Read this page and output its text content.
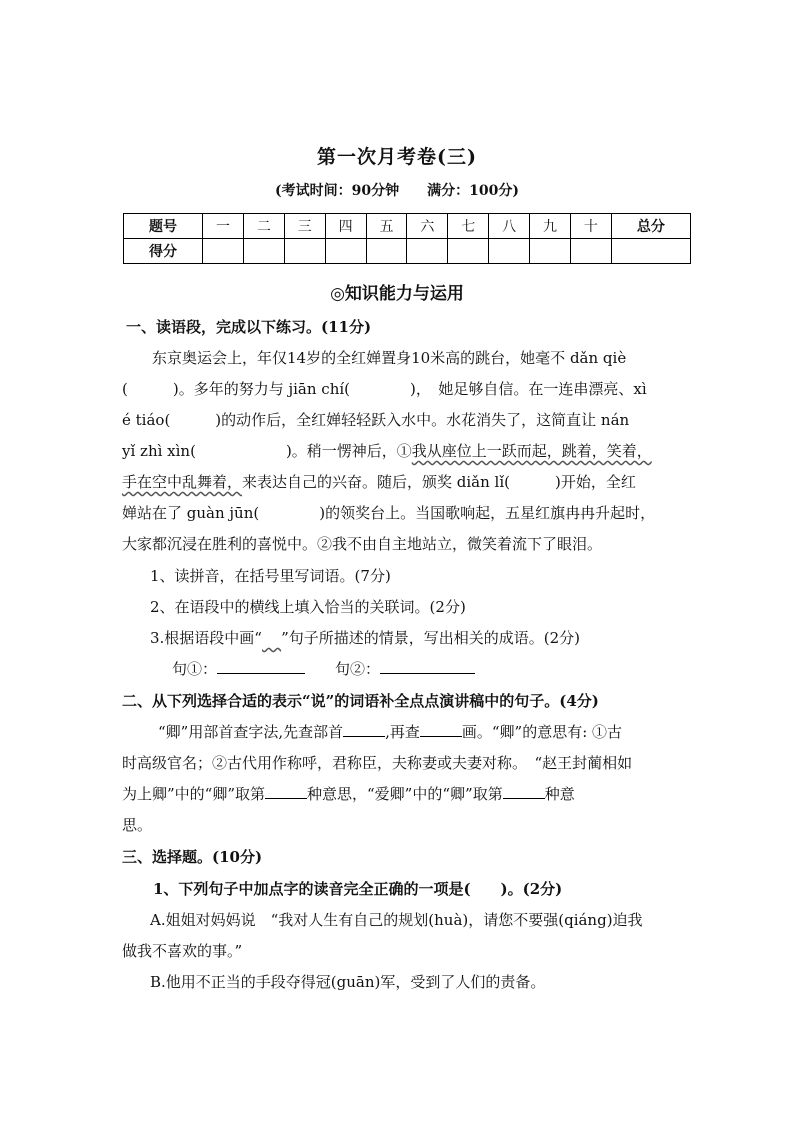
第一次月考卷(三)
(考试时间：90分钟 满分：100分)
题号	一	二	三	四	五	六	七	八	九	十	总分
得分											
◎知识能力与运用
一、读语段，完成以下练习。(11分)
东京奥运会上，年仅14岁的全红婵置身10米高的跳台，她毫不 dǎn qiè
(　　　)。多年的努力与 jiān chí(　　　　)，　她足够自信。在一连串漂亮、xì
é tiáo(　　　)的动作后，全红婵轻轻跃入水中。水花消失了，这简直让 nán
yǐ zhì xìn(　　　　　　)。稍一愣神后，①我从座位上一跃而起，跳着，笑着，
手在空中乱舞着，来表达自己的兴奋。随后，颁奖 diǎn lǐ(　　　)开始，全红
婵站在了 guàn jūn(　　　　)的领奖台上。当国歌响起，五星红旗冉冉升起时，
大家都沉浸在胜利的喜悦中。②我不由自主地站立，微笑着流下了眼泪。
1、读拼音，在括号里写词语。(7分)
2、在语段中的横线上填入恰当的关联词。(2分)
3.根据语段中画“ ”句子所描述的情景，写出相关的成语。(2分)
句①：	句②：
二、从下列选择合适的表示“说”的词语补全点点演讲稿中的句子。(4分)
“卿”用部首查字法,先查部首	,再查	画。“卿”的意思有: ①古
时高级官名；②古代用作称呼，君称臣，夫称妻或夫妻对称。　“赵王封蔺相如
为上卿”中的“卿”取第	种意思，“爱卿”中的“卿”取第	种意
思。
三、选择题。(10分)
1、下列句子中加点字的读音完全正确的一项是(　　)。(2分)
A.姐姐对妈妈说　“我对人生有自己的规划(huà)，请您不要强(qiáng)迫我
做我不喜欢的事。”
B.他用不正当的手段夺得冠(guān)军，受到了人们的责备。
